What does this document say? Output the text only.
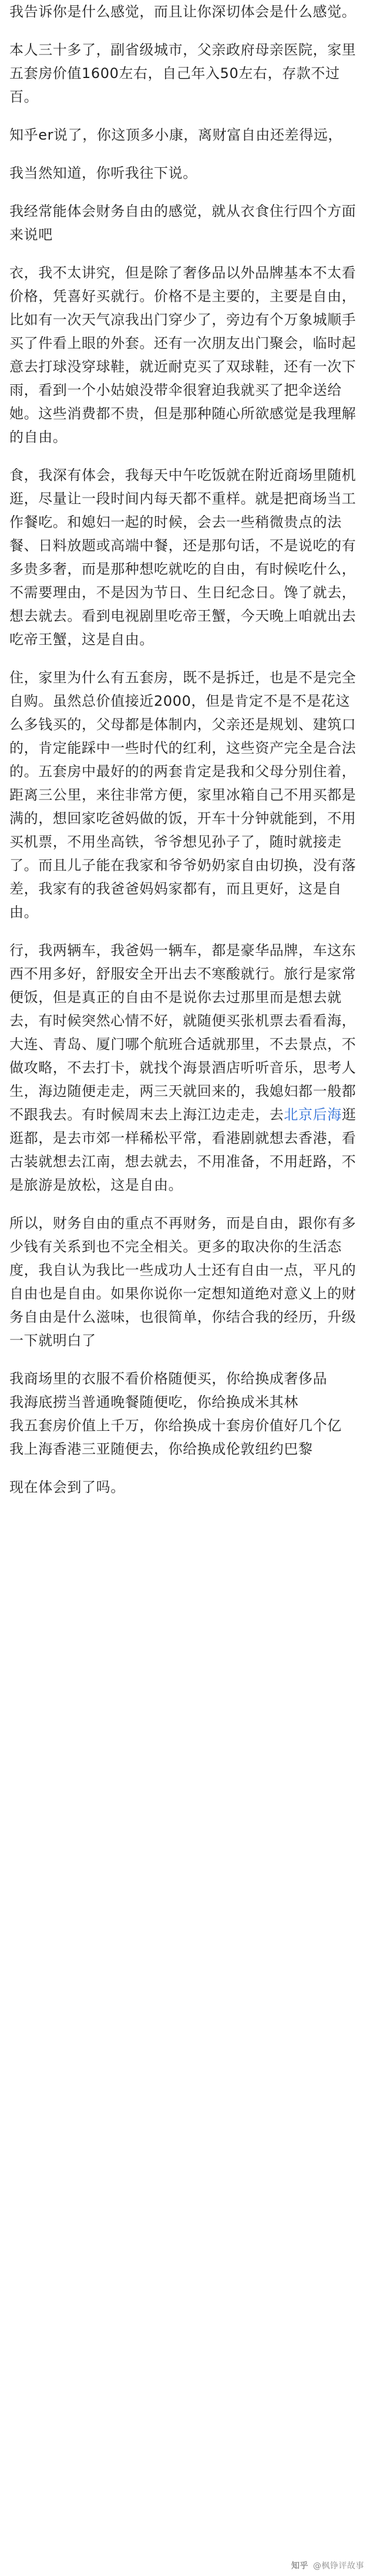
我告诉你是什么感觉，而且让你深切体会是什么感觉。

本人三十多了，副省级城市，父亲政府母亲医院，家里五套房价值1600左右，自己年入50左右，存款不过百。

知乎er说了，你这顶多小康，离财富自由还差得远，

我当然知道，你听我往下说。

我经常能体会财务自由的感觉，就从衣食住行四个方面来说吧

衣，我不太讲究，但是除了奢侈品以外品牌基本不太看价格，凭喜好买就行。价格不是主要的，主要是自由，比如有一次天气凉我出门穿少了，旁边有个万象城顺手买了件看上眼的外套。还有一次朋友出门聚会，临时起意去打球没穿球鞋，就近耐克买了双球鞋，还有一次下雨，看到一个小姑娘没带伞很窘迫我就买了把伞送给她。这些消费都不贵，但是那种随心所欲感觉是我理解的自由。

食，我深有体会，我每天中午吃饭就在附近商场里随机逛，尽量让一段时间内每天都不重样。就是把商场当工作餐吃。和媳妇一起的时候，会去一些稍微贵点的法餐、日料放题或高端中餐，还是那句话，不是说吃的有多贵多奢，而是那种想吃就吃的自由，有时候吃什么，不需要理由，不是因为节日、生日纪念日。馋了就去，想去就去。看到电视剧里吃帝王蟹，今天晚上咱就出去吃帝王蟹，这是自由。

住，家里为什么有五套房，既不是拆迁，也是不是完全自购。虽然总价值接近2000，但是肯定不是不是花这么多钱买的，父母都是体制内，父亲还是规划、建筑口的，肯定能踩中一些时代的红利，这些资产完全是合法的。五套房中最好的的两套肯定是我和父母分别住着，距离三公里，来往非常方便，家里冰箱自己不用买都是满的，想回家吃爸妈做的饭，开车十分钟就能到，不用买机票，不用坐高铁，爷爷想见孙子了，随时就接走了。而且儿子能在我家和爷爷奶奶家自由切换，没有落差，我家有的我爸爸妈妈家都有，而且更好，这是自由。

行，我两辆车，我爸妈一辆车，都是豪华品牌，车这东西不用多好，舒服安全开出去不寒酸就行。旅行是家常便饭，但是真正的自由不是说你去过那里而是想去就去，有时候突然心情不好，就随便买张机票去看看海，大连、青岛、厦门哪个航班合适就那里，不去景点，不做攻略，不去打卡，就找个海景酒店听听音乐，思考人生，海边随便走走，两三天就回来的，我媳妇都一般都不跟我去。有时候周末去上海江边走走，去北京后海逛逛都，是去市郊一样稀松平常，看港剧就想去香港，看古装就想去江南，想去就去，不用准备，不用赶路，不是旅游是放松，这是自由。

所以，财务自由的重点不再财务，而是自由，跟你有多少钱有关系到也不完全相关。更多的取决你的生活态度，我自认为我比一些成功人士还有自由一点，平凡的自由也是自由。如果你说你一定想知道绝对意义上的财务自由是什么滋味，也很简单，你结合我的经历，升级一下就明白了

我商场里的衣服不看价格随便买，你给换成奢侈品
我海底捞当普通晚餐随便吃，你给换成米其林
我五套房价值上千万，你给换成十套房价值好几个亿
我上海香港三亚随便去，你给换成伦敦纽约巴黎

现在体会到了吗。

知乎 @枫铮评故事
